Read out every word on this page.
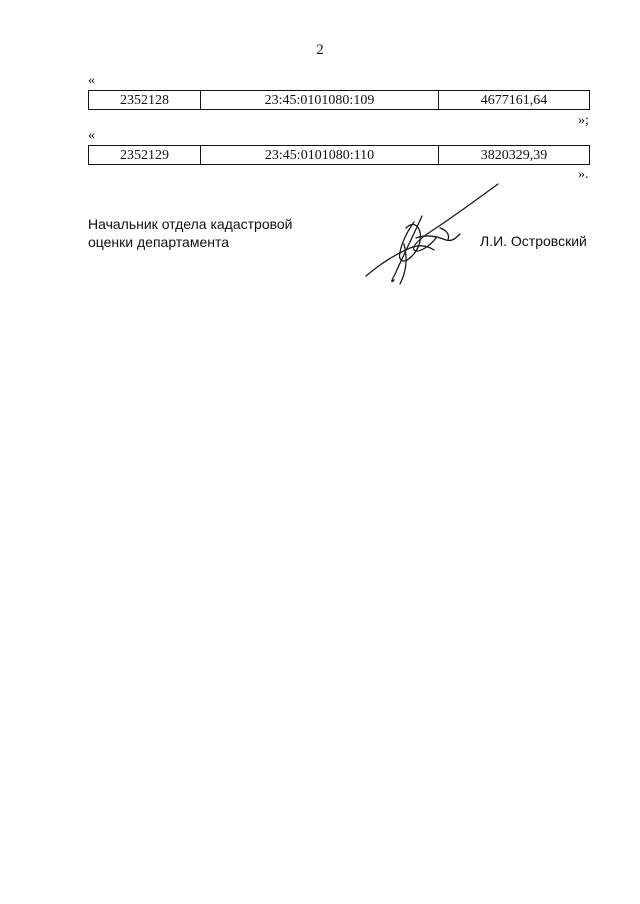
2
«
2352128	23:45:0101080:109	4677161,64
»;
«
2352129	23:45:0101080:110	3820329,39
».
Начальник отдела кадастровой
оценки департамента	Л.И. Островский
